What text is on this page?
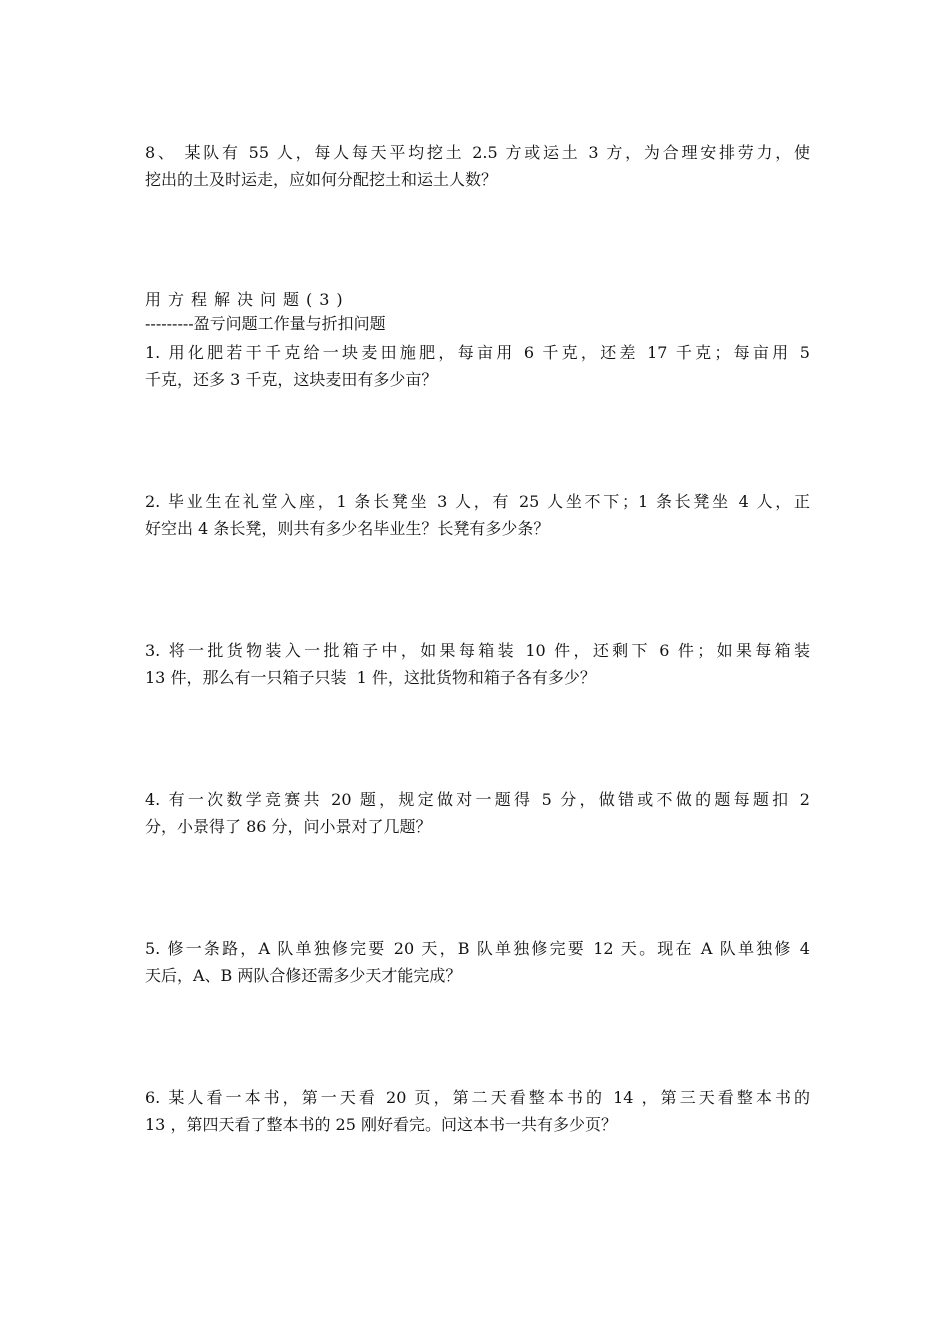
8、 某队有 55 人，每人每天平均挖土 2.5 方或运土 3 方，为合理安排劳力，使
挖出的土及时运走，应如何分配挖土和运土人数？
用方程解决问题(3)
---------盈亏问题工作量与折扣问题
1. 用化肥若干千克给一块麦田施肥，每亩用 6 千克，还差 17 千克；每亩用 5
千克，还多 3 千克，这块麦田有多少亩？
2. 毕业生在礼堂入座，1 条长凳坐 3 人，有 25 人坐不下；1 条长凳坐 4 人，正
好空出 4 条长凳，则共有多少名毕业生？长凳有多少条？
3. 将一批货物装入一批箱子中，如果每箱装 10 件，还剩下 6 件；如果每箱装
13 件，那么有一只箱子只装  1 件，这批货物和箱子各有多少？
4. 有一次数学竞赛共 20 题，规定做对一题得 5 分，做错或不做的题每题扣 2
分，小景得了 86 分，问小景对了几题？
5. 修一条路，A 队单独修完要 20 天，B 队单独修完要 12 天。现在 A 队单独修 4
天后，A、B 两队合修还需多少天才能完成？
6. 某人看一本书，第一天看 20 页，第二天看整本书的 14 ，第三天看整本书的
13 ，第四天看了整本书的 25 刚好看完。问这本书一共有多少页？
